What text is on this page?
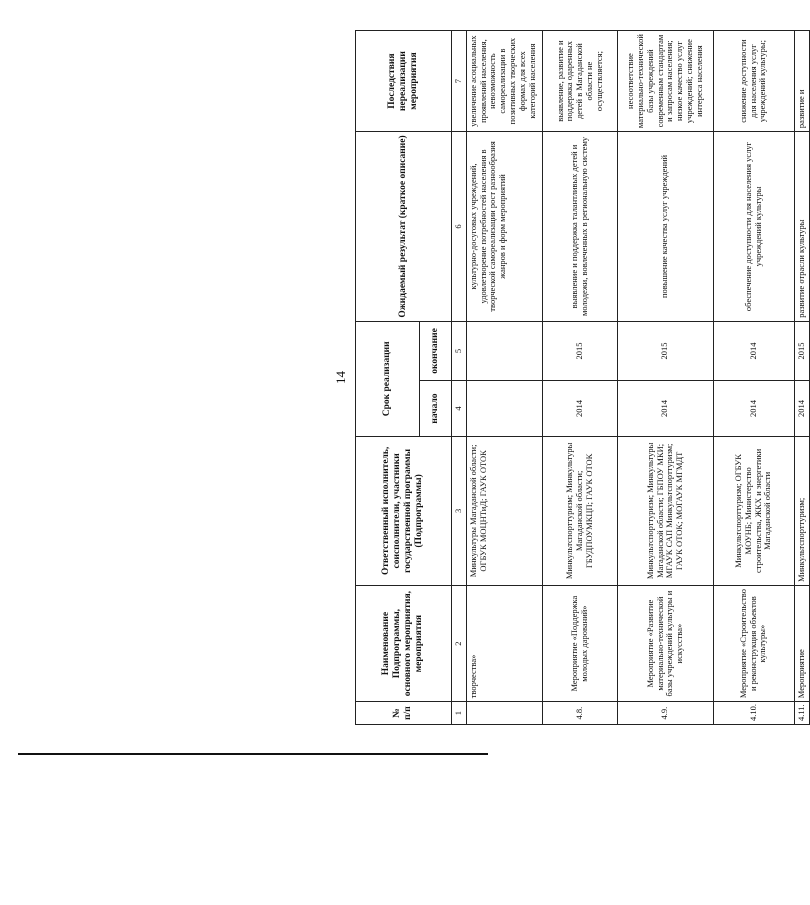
14
№ п/п	Наименование Подпрограммы, основного мероприятия, мероприятия	Ответственный исполнитель, соисполнители, участники государственной программы (Подпрограммы)	Срок реализации		Ожидаемый результат (краткое описание)	Последствия нереализации мероприятия
			начало	окончание		
1	2	3	4	5	6	7
	творчества»	Минкультуры Магаданской области; ОГБУК МОЦНТиД; ГАУК ОТОК			культурно-досуговых учреждений, удовлетворение потребностей населения в творческой самореализации рост разнообразия жанров и форм мероприятий	увеличение асоциальных проявлений населения, невозможность самореализации в позитивных творческих формах для всех категорий населения
4.8.	Мероприятие «Поддержка молодых дарований»	Минкультспорттуризм; Минкультуры Магаданской области; ГБУДПОУМКЦП; ГАУК ОТОК	2014	2015	выявление и поддержка талантливых детей и молодежи, вовлеченных в региональную систему	выявление, развитие и поддержка одаренных детей в Магаданской области не осуществляется;
4.9.	Мероприятие «Развитие материально-технической базы учреждений культуры и искусства»	Минкультспорттуризм; Минкультуры Магаданской области; ГБПОУ МКИ; МГАУК САП Минкультспорттуризм; ГАУК ОТОК; МОГАУК МГМДТ	2014	2015	повышение качества услуг учреждений	несоответствие материально-технической базы учреждений современным стандартам и запросам населения; низкое качество услуг учреждений; снижение интереса населения
4.10.	Мероприятие «Строительство и реконструкция объектов культуры»	Минкультспорттуризм; ОГБУК МОУНБ; Министерство строительства, ЖКХ и энергетики Магаданской области	2014	2014	обеспечение доступности для населения услуг учреждений культуры	снижение доступности для населения услуг учреждений культуры;
4.11.	Мероприятие	Минкультспорттуризм;	2014	2015	развитие отрасли культуры	развитие и
